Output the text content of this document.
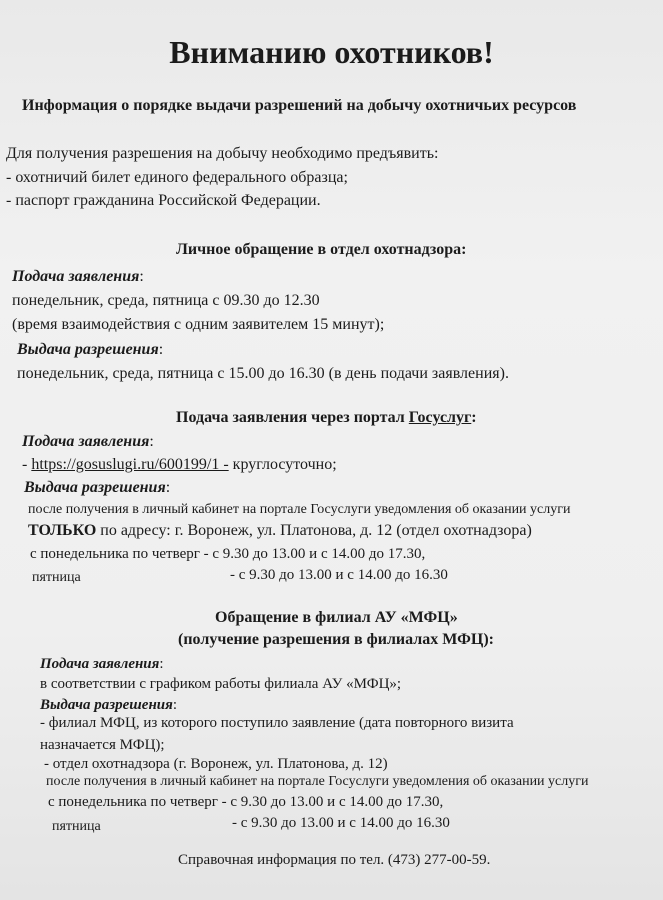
Вниманию охотников!
Информация о порядке выдачи разрешений на добычу охотничьих ресурсов
Для получения разрешения на добычу необходимо предъявить:
- охотничий билет единого федерального образца;
- паспорт гражданина Российской Федерации.
Личное обращение в отдел охотнадзора:
Подача заявления:
понедельник, среда, пятница с 09.30 до 12.30
(время взаимодействия с одним заявителем 15 минут);
Выдача разрешения:
понедельник, среда, пятница с 15.00 до 16.30 (в день подачи заявления).
Подача заявления через портал Госуслуг:
Подача заявления:
- https://gosuslugi.ru/600199/1 - круглосуточно;
Выдача разрешения:
после получения в личный кабинет на портале Госуслуги уведомления об оказании услуги
ТОЛЬКО по адресу: г. Воронеж, ул. Платонова, д. 12 (отдел охотнадзора)
с понедельника по четверг - с 9.30 до 13.00 и с 14.00 до 17.30,
пятница	- с 9.30 до 13.00 и с 14.00 до 16.30
Обращение в филиал АУ «МФЦ»
(получение разрешения в филиалах МФЦ):
Подача заявления:
в соответствии с графиком работы филиала АУ «МФЦ»;
Выдача разрешения:
- филиал МФЦ, из которого поступило заявление (дата повторного визита
назначается МФЦ);
- отдел охотнадзора (г. Воронеж, ул. Платонова, д. 12)
после получения в личный кабинет на портале Госуслуги уведомления об оказании услуги
с понедельника по четверг - с 9.30 до 13.00 и с 14.00 до 17.30,
пятница	- с 9.30 до 13.00 и с 14.00 до 16.30
Справочная информация по тел. (473) 277-00-59.
